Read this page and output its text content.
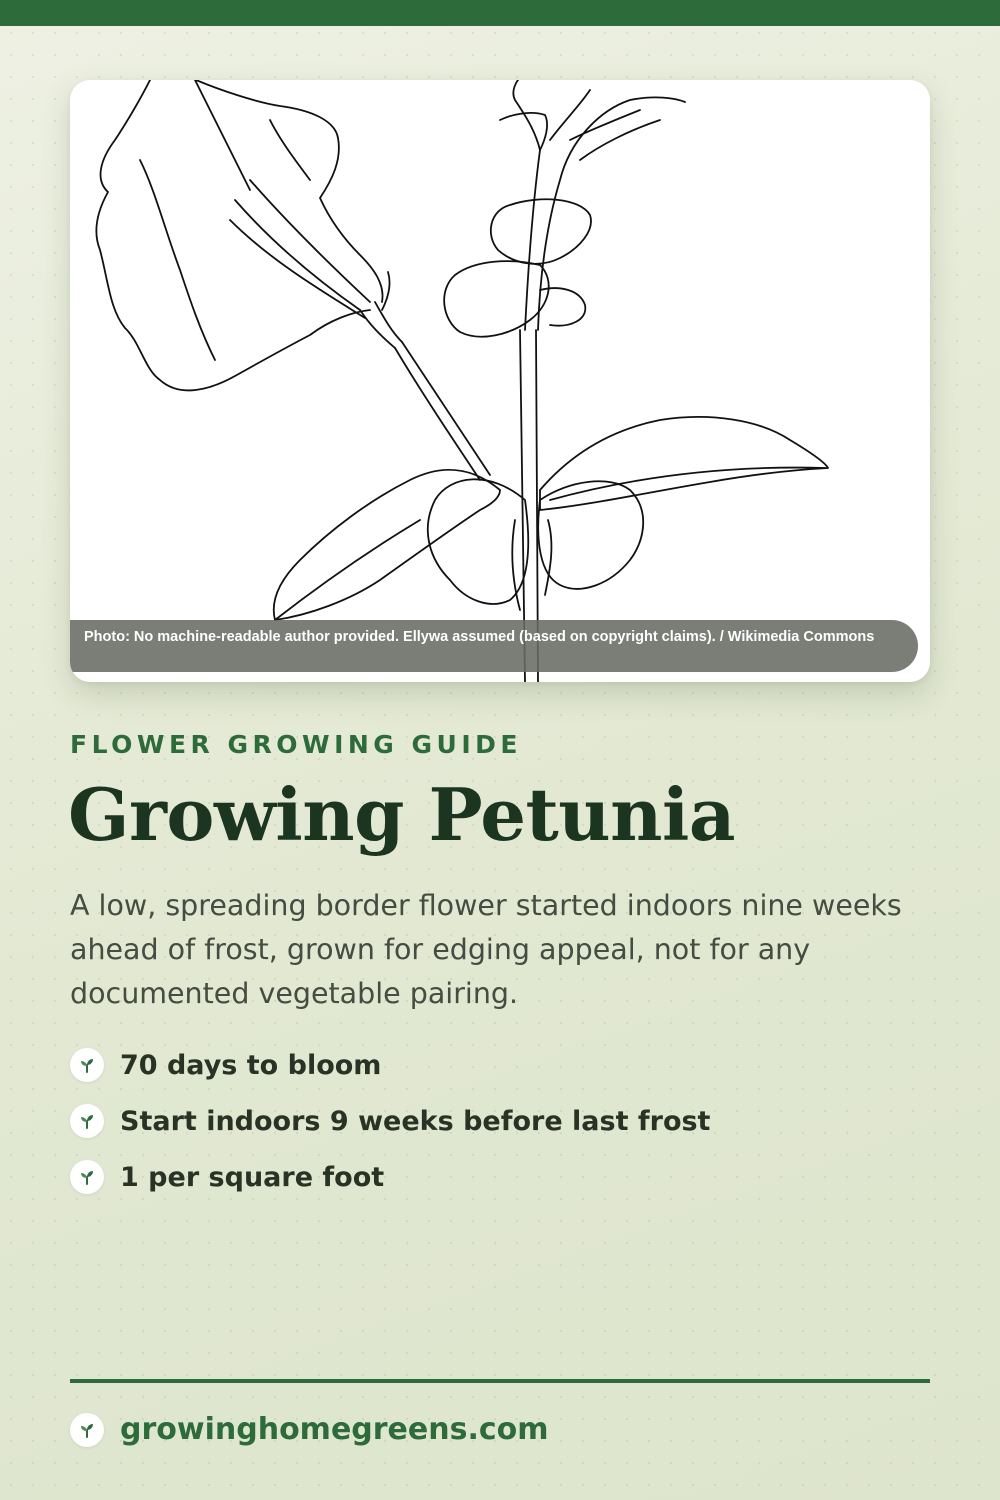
Photo: No machine-readable author provided. Ellywa assumed (based on copyright claims). / Wikimedia Commons
FLOWER GROWING GUIDE
Growing Petunia

A low, spreading border flower started indoors nine weeks ahead of frost, grown for edging appeal, not for any documented vegetable pairing.

70 days to bloom
Start indoors 9 weeks before last frost
1 per square foot
growinghomegreens.com
